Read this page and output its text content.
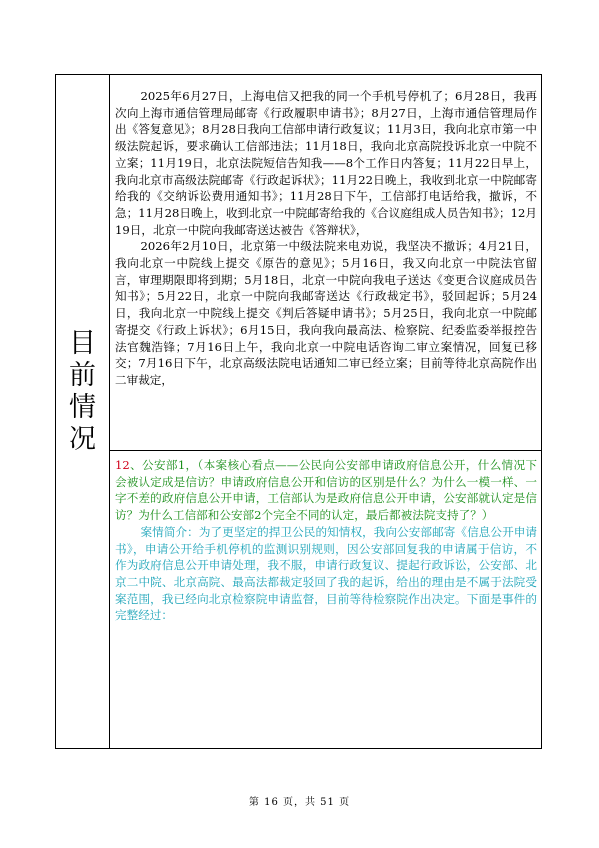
目前情况

2025年6月27日，上海电信又把我的同一个手机号停机了；6月28日，我再次向上海市通信管理局邮寄《行政履职申请书》；8月27日，上海市通信管理局作出《答复意见》；8月28日我向工信部申请行政复议；11月3日，我向北京市第一中级法院起诉，要求确认工信部违法；11月18日，我向北京高院投诉北京一中院不立案；11月19日，北京法院短信告知我——8个工作日内答复；11月22日早上，我向北京市高级法院邮寄《行政起诉状》；11月22日晚上，我收到北京一中院邮寄给我的《交纳诉讼费用通知书》；11月28日下午，工信部打电话给我，撤诉，不急；11月28日晚上，收到北京一中院邮寄给我的《合议庭组成人员告知书》；12月19日，北京一中院向我邮寄送达被告《答辩状》，

2026年2月10日，北京第一中级法院来电劝说，我坚决不撤诉；4月21日，我向北京一中院线上提交《原告的意见》；5月16日，我又向北京一中院法官留言，审理期限即将到期；5月18日，北京一中院向我电子送达《变更合议庭成员告知书》；5月22日，北京一中院向我邮寄送达《行政裁定书》，驳回起诉；5月24日，我向北京一中院线上提交《判后答疑申请书》；5月25日，我向北京一中院邮寄提交《行政上诉状》；6月15日，我向我向最高法、检察院、纪委监委举报控告法官魏浩锋；7月16日上午，我向北京一中院电话咨询二审立案情况，回复已移交；7月16日下午，北京高级法院电话通知二审已经立案；目前等待北京高院作出二审裁定，

12、公安部1，（本案核心看点——公民向公安部申请政府信息公开，什么情况下会被认定成是信访？申请政府信息公开和信访的区别是什么？为什么一模一样、一字不差的政府信息公开申请，工信部认为是政府信息公开申请，公安部就认定是信访？为什么工信部和公安部2个完全不同的认定，最后都被法院支持了？）

案情简介：为了更坚定的捍卫公民的知情权，我向公安部邮寄《信息公开申请书》，申请公开给手机停机的监测识别规则，因公安部回复我的申请属于信访，不作为政府信息公开申请处理，我不服，申请行政复议、提起行政诉讼，公安部、北京二中院、北京高院、最高法都裁定驳回了我的起诉，给出的理由是不属于法院受案范围，我已经向北京检察院申请监督，目前等待检察院作出决定。下面是事件的完整经过：

第 16 页，共 51 页
